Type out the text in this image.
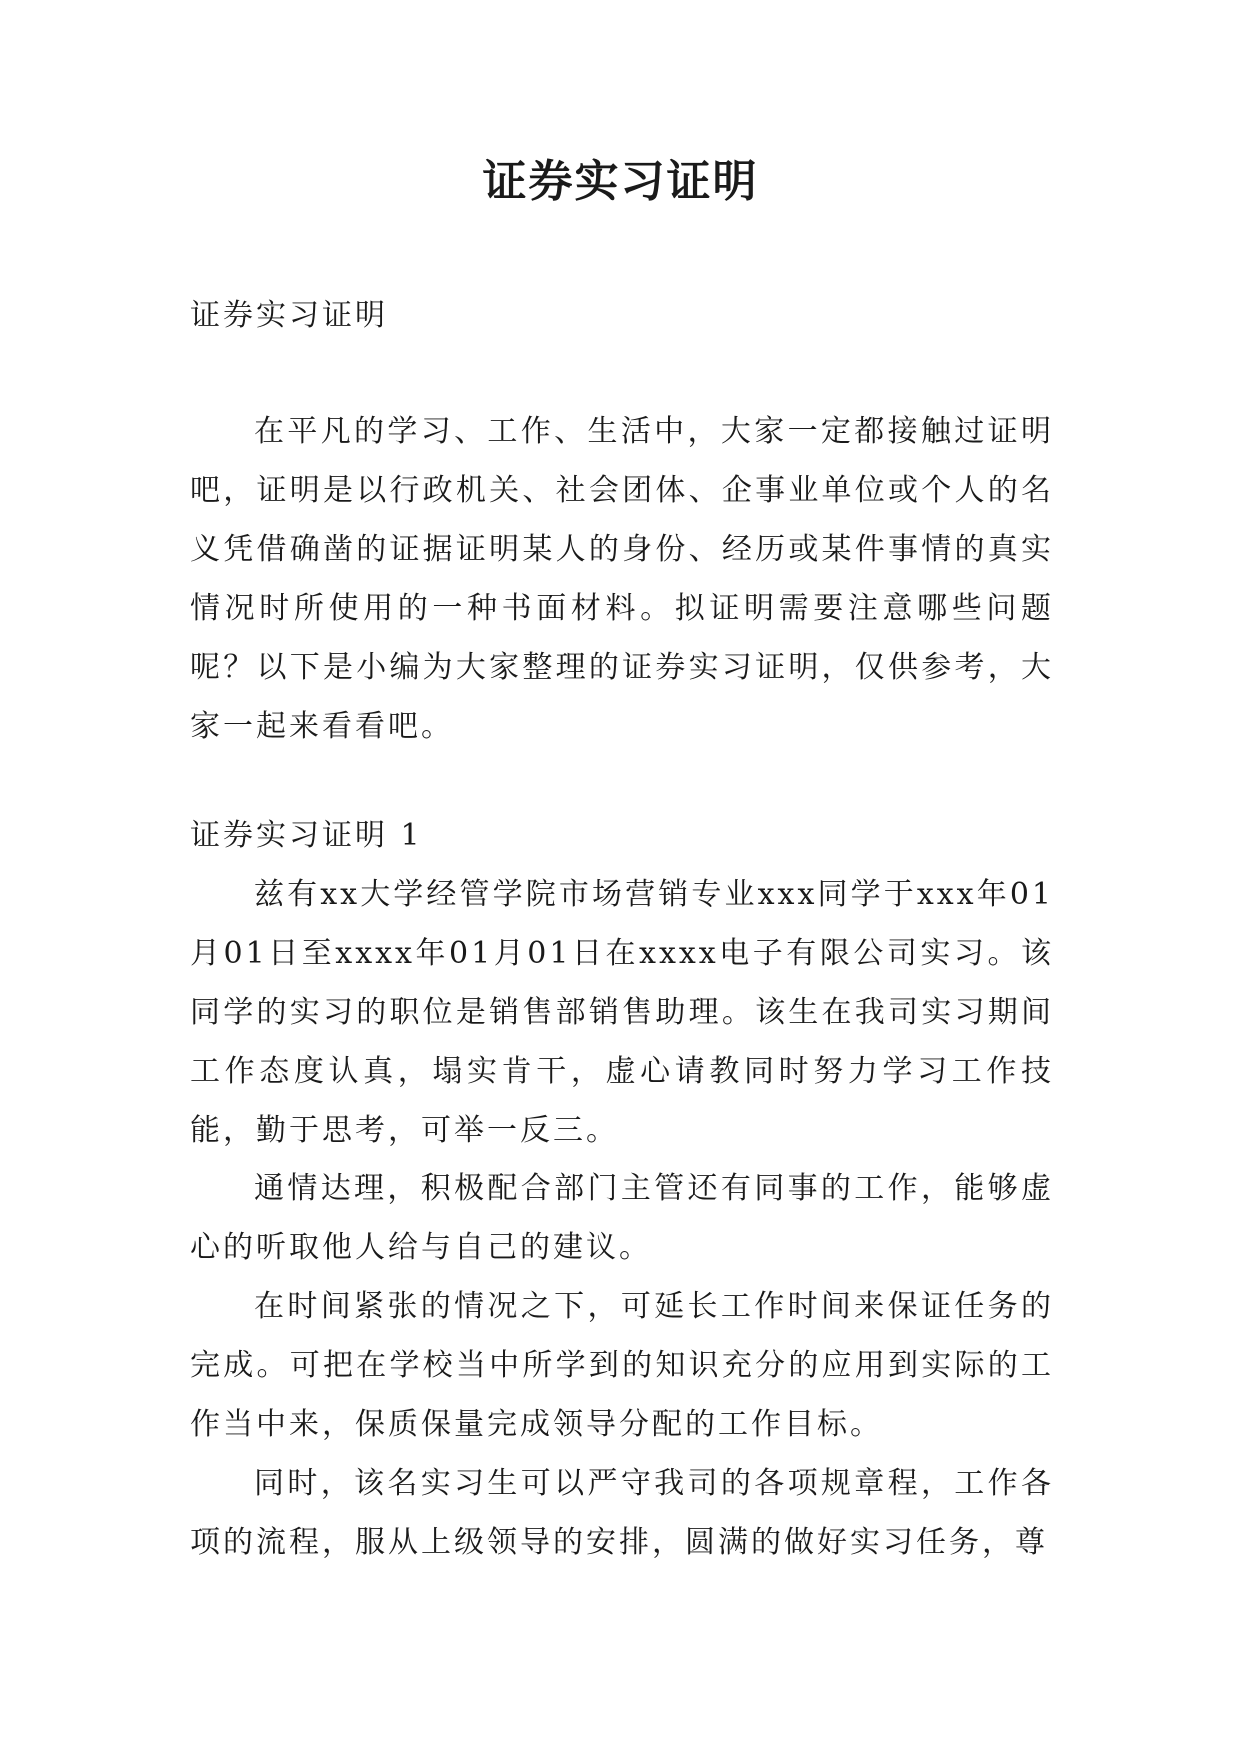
证券实习证明

证券实习证明

在平凡的学习、工作、生活中，大家一定都接触过证明吧，证明是以行政机关、社会团体、企事业单位或个人的名义凭借确凿的证据证明某人的身份、经历或某件事情的真实情况时所使用的一种书面材料。拟证明需要注意哪些问题呢？以下是小编为大家整理的证券实习证明，仅供参考，大家一起来看看吧。

证券实习证明 1

兹有xx大学经管学院市场营销专业xxx同学于xxx年01月01日至xxxx年01月01日在xxxx电子有限公司实习。该同学的实习的职位是销售部销售助理。该生在我司实习期间工作态度认真，塌实肯干，虚心请教同时努力学习工作技能，勤于思考，可举一反三。

通情达理，积极配合部门主管还有同事的工作，能够虚心的听取他人给与自己的建议。

在时间紧张的情况之下，可延长工作时间来保证任务的完成。可把在学校当中所学到的知识充分的应用到实际的工作当中来，保质保量完成领导分配的工作目标。

同时，该名实习生可以严守我司的各项规章程，工作各项的流程，服从上级领导的安排，圆满的做好实习任务，尊
